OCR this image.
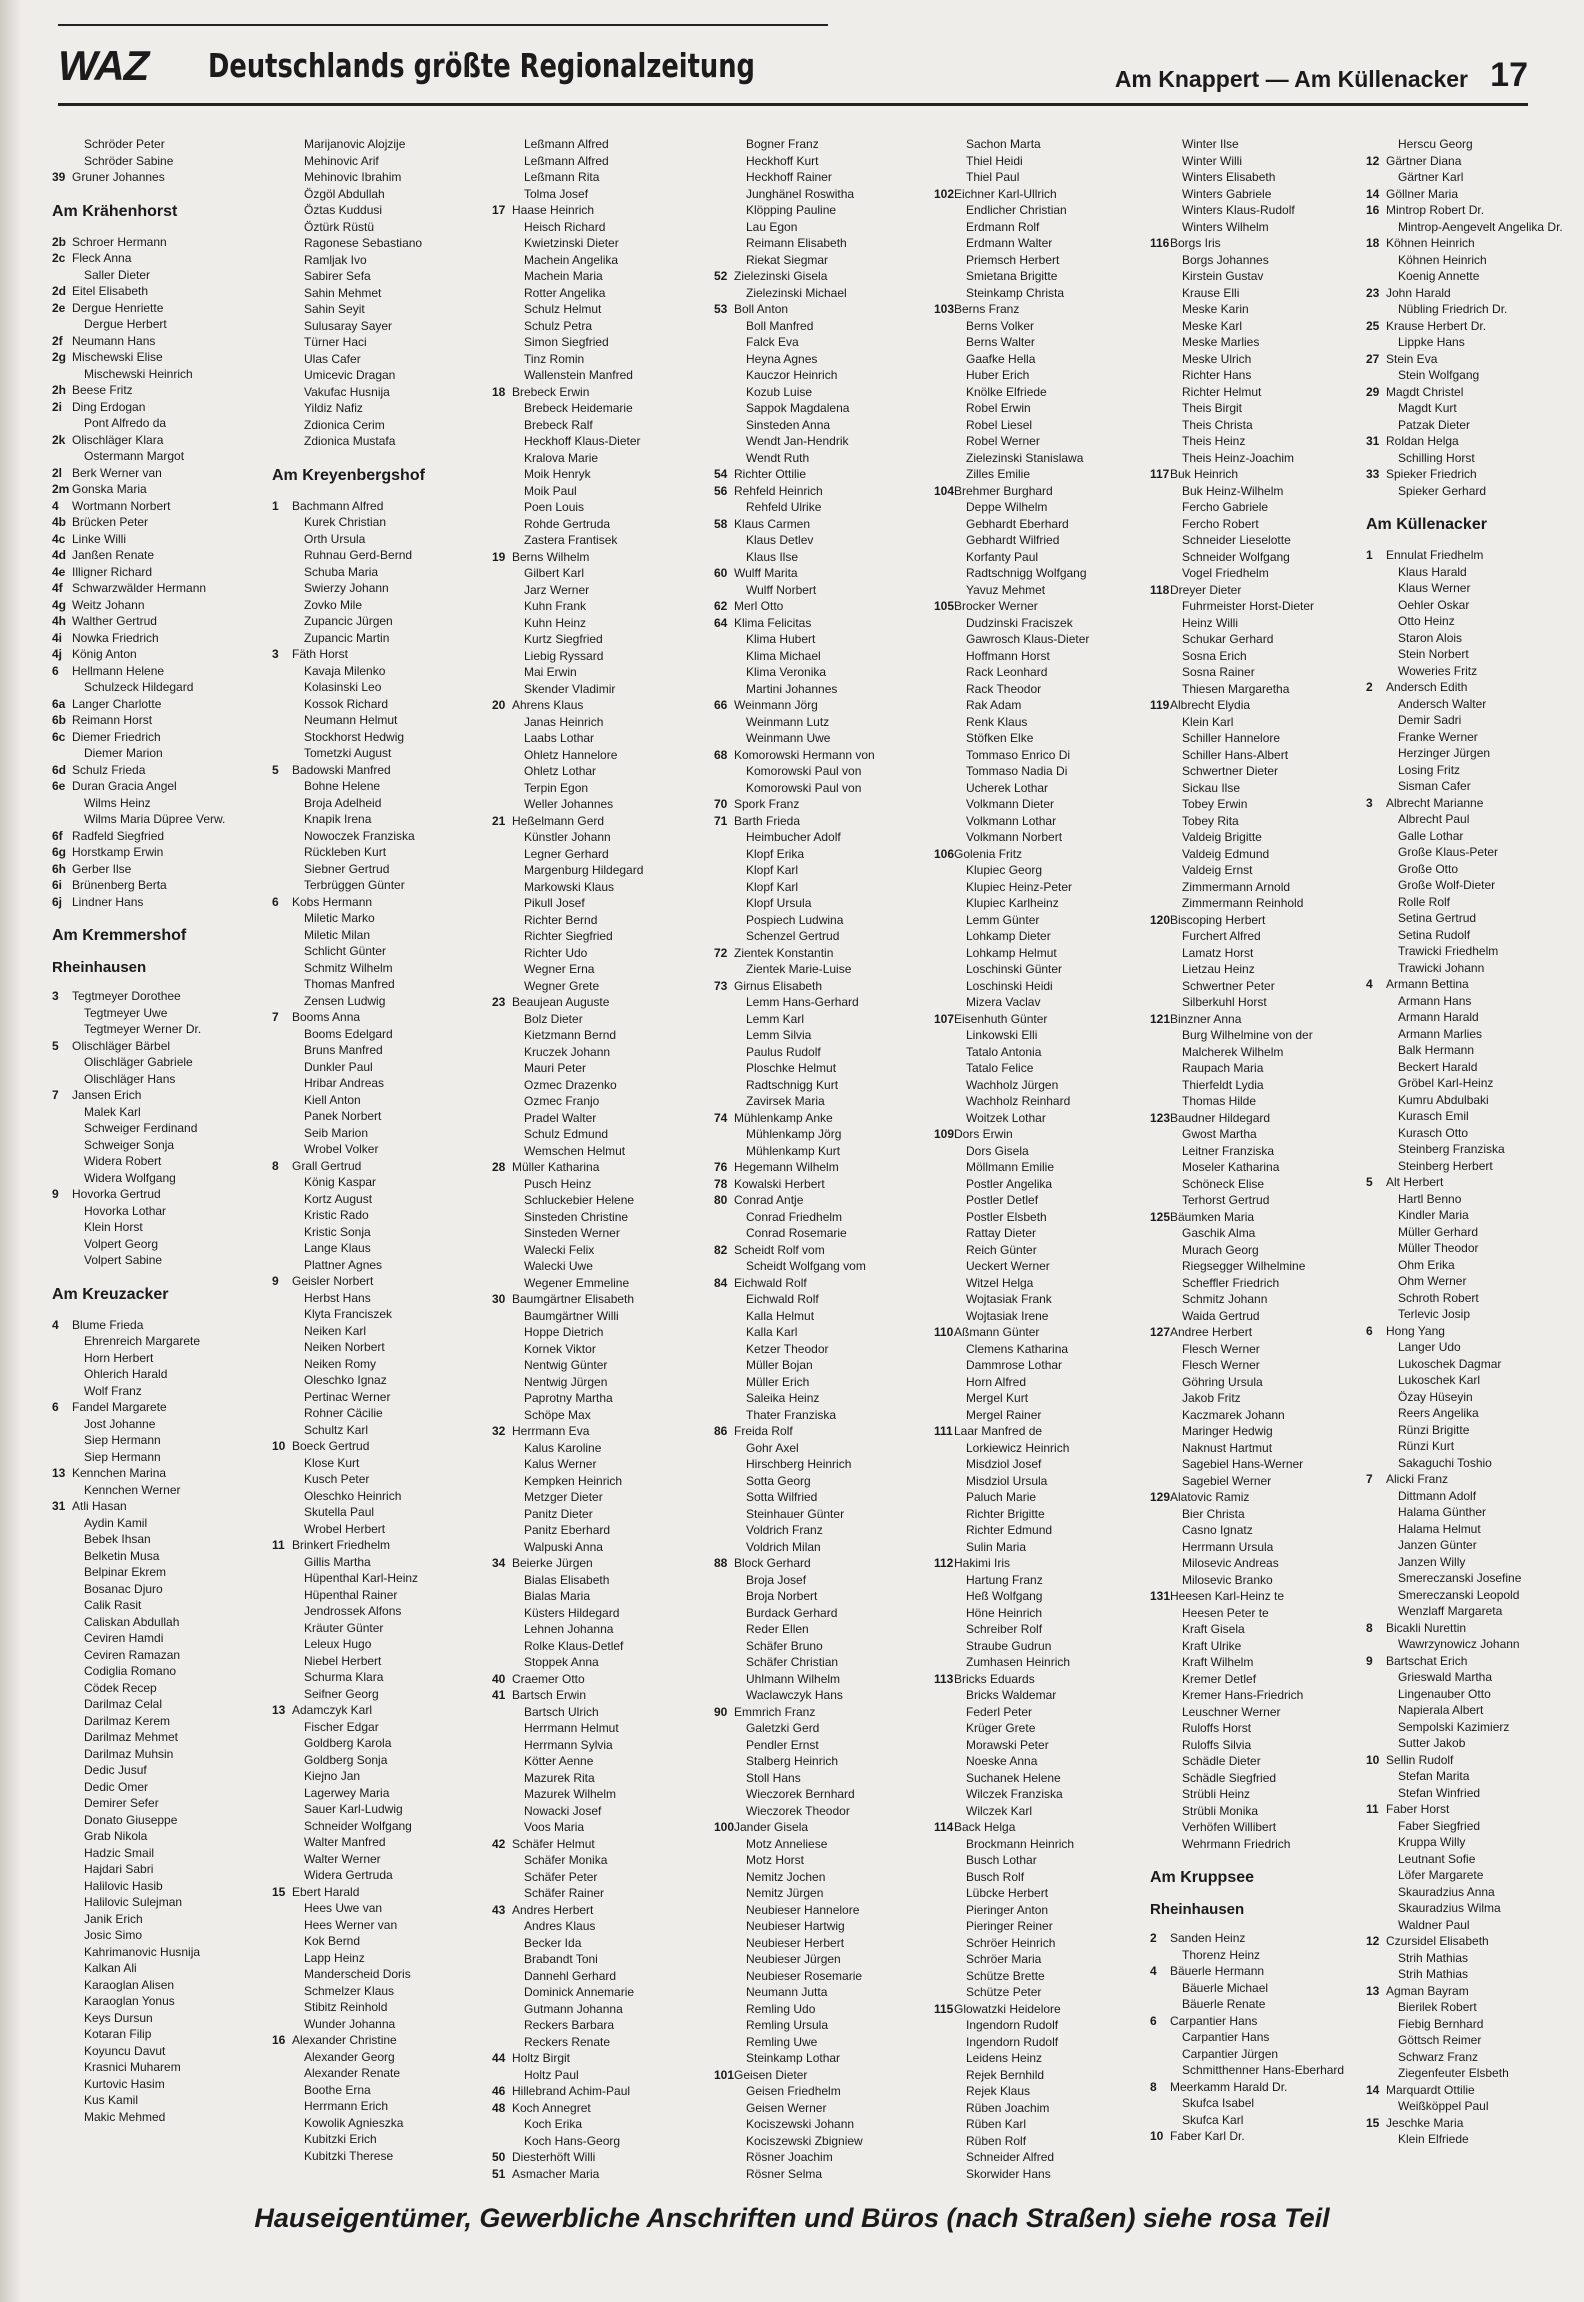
WAZ Deutschlands größte Regionalzeitung	Am Knappert — Am Küllenacker 17
Schröder Peter
Schröder Sabine
39 Gruner Johannes
Am Krähenhorst
2b Schroer Hermann
2c Fleck Anna
Saller Dieter
2d Eitel Elisabeth
2e Dergue Henriette
Dergue Herbert
2f Neumann Hans
2g Mischewski Elise
Mischewski Heinrich
2h Beese Fritz
2i Ding Erdogan
Pont Alfredo da
2k Olischläger Klara
Ostermann Margot
2l Berk Werner van
2m Gonska Maria
4 Wortmann Norbert
4b Brücken Peter
4c Linke Willi
4d Janßen Renate
4e Illigner Richard
4f Schwarzwälder Hermann
4g Weitz Johann
4h Walther Gertrud
4i Nowka Friedrich
4j König Anton
6 Hellmann Helene
Schulzeck Hildegard
6a Langer Charlotte
6b Reimann Horst
6c Diemer Friedrich
Diemer Marion
6d Schulz Frieda
6e Duran Gracia Angel
Wilms Heinz
Wilms Maria Düpree Verw.
6f Radfeld Siegfried
6g Horstkamp Erwin
6h Gerber Ilse
6i Brünenberg Berta
6j Lindner Hans
Am Kremmershof
Rheinhausen
3 Tegtmeyer Dorothee
Tegtmeyer Uwe
Tegtmeyer Werner Dr.
5 Olischläger Bärbel
Olischläger Gabriele
Olischläger Hans
7 Jansen Erich
Malek Karl
Schweiger Ferdinand
Schweiger Sonja
Widera Robert
Widera Wolfgang
9 Hovorka Gertrud
Hovorka Lothar
Klein Horst
Volpert Georg
Volpert Sabine
Am Kreuzacker
4 Blume Frieda
Ehrenreich Margarete
Horn Herbert
Ohlerich Harald
Wolf Franz
6 Fandel Margarete
Jost Johanne
Siep Hermann
Siep Hermann
13 Kennchen Marina
Kennchen Werner
31 Atli Hasan
Aydin Kamil
Bebek Ihsan
Belketin Musa
Belpinar Ekrem
Bosanac Djuro
Calik Rasit
Caliskan Abdullah
Ceviren Hamdi
Ceviren Ramazan
Codiglia Romano
Cödek Recep
Darilmaz Celal
Darilmaz Kerem
Darilmaz Mehmet
Darilmaz Muhsin
Dedic Jusuf
Dedic Omer
Demirer Sefer
Donato Giuseppe
Grab Nikola
Hadzic Smail
Hajdari Sabri
Halilovic Hasib
Halilovic Sulejman
Janik Erich
Josic Simo
Kahrimanovic Husnija
Kalkan Ali
Karaoglan Alisen
Karaoglan Yonus
Keys Dursun
Kotaran Filip
Koyuncu Davut
Krasnici Muharem
Kurtovic Hasim
Kus Kamil
Makic Mehmed
Marijanovic Alojzije
Mehinovic Arif
Mehinovic Ibrahim
Özgöl Abdullah
Öztas Kuddusi
Öztürk Rüstü
Ragonese Sebastiano
Ramljak Ivo
Sabirer Sefa
Sahin Mehmet
Sahin Seyit
Sulusaray Sayer
Türner Haci
Ulas Cafer
Umicevic Dragan
Vakufac Husnija
Yildiz Nafiz
Zdionica Cerim
Zdionica Mustafa
Am Kreyenbergshof
1 Bachmann Alfred
Kurek Christian
Orth Ursula
Ruhnau Gerd-Bernd
Schuba Maria
Swierzy Johann
Zovko Mile
Zupancic Jürgen
Zupancic Martin
3 Fäth Horst
Kavaja Milenko
Kolasinski Leo
Kossok Richard
Neumann Helmut
Stockhorst Hedwig
Tometzki August
5 Badowski Manfred
Bohne Helene
Broja Adelheid
Knapik Irena
Nowoczek Franziska
Rückleben Kurt
Siebner Gertrud
Terbrüggen Günter
6 Kobs Hermann
Miletic Marko
Miletic Milan
Schlicht Günter
Schmitz Wilhelm
Thomas Manfred
Zensen Ludwig
7 Booms Anna
Booms Edelgard
Bruns Manfred
Dunkler Paul
Hribar Andreas
Kiell Anton
Panek Norbert
Seib Marion
Wrobel Volker
8 Grall Gertrud
König Kaspar
Kortz August
Kristic Rado
Kristic Sonja
Lange Klaus
Plattner Agnes
9 Geisler Norbert
Herbst Hans
Klyta Franciszek
Neiken Karl
Neiken Norbert
Neiken Romy
Oleschko Ignaz
Pertinac Werner
Rohner Cäcilie
Schultz Karl
10 Boeck Gertrud
Klose Kurt
Kusch Peter
Oleschko Heinrich
Skutella Paul
Wrobel Herbert
11 Brinkert Friedhelm
Gillis Martha
Hüpenthal Karl-Heinz
Hüpenthal Rainer
Jendrossek Alfons
Kräuter Günter
Leleux Hugo
Niebel Herbert
Schurma Klara
Seifner Georg
13 Adamczyk Karl
Fischer Edgar
Goldberg Karola
Goldberg Sonja
Kiejno Jan
Lagerwey Maria
Sauer Karl-Ludwig
Schneider Wolfgang
Walter Manfred
Walter Werner
Widera Gertruda
15 Ebert Harald
Hees Uwe van
Hees Werner van
Kok Bernd
Lapp Heinz
Manderscheid Doris
Schmelzer Klaus
Stibitz Reinhold
Wunder Johanna
16 Alexander Christine
Alexander Georg
Alexander Renate
Boothe Erna
Herrmann Erich
Kowolik Agnieszka
Kubitzki Erich
Kubitzki Therese
Leßmann Alfred
Leßmann Alfred
Leßmann Rita
Tolma Josef
17 Haase Heinrich
Heisch Richard
Kwietzinski Dieter
Machein Angelika
Machein Maria
Rotter Angelika
Schulz Helmut
Schulz Petra
Simon Siegfried
Tinz Romin
Wallenstein Manfred
18 Brebeck Erwin
Brebeck Heidemarie
Brebeck Ralf
Heckhoff Klaus-Dieter
Kralova Marie
Moik Henryk
Moik Paul
Poen Louis
Rohde Gertruda
Zastera Frantisek
19 Berns Wilhelm
Gilbert Karl
Jarz Werner
Kuhn Frank
Kuhn Heinz
Kurtz Siegfried
Liebig Ryssard
Mai Erwin
Skender Vladimir
20 Ahrens Klaus
Janas Heinrich
Laabs Lothar
Ohletz Hannelore
Ohletz Lothar
Terpin Egon
Weller Johannes
21 Heßelmann Gerd
Künstler Johann
Legner Gerhard
Margenburg Hildegard
Markowski Klaus
Pikull Josef
Richter Bernd
Richter Siegfried
Richter Udo
Wegner Erna
Wegner Grete
23 Beaujean Auguste
Bolz Dieter
Kietzmann Bernd
Kruczek Johann
Mauri Peter
Ozmec Drazenko
Ozmec Franjo
Pradel Walter
Schulz Edmund
Wemschen Helmut
28 Müller Katharina
Pusch Heinz
Schluckebier Helene
Sinsteden Christine
Sinsteden Werner
Walecki Felix
Walecki Uwe
Wegener Emmeline
30 Baumgärtner Elisabeth
Baumgärtner Willi
Hoppe Dietrich
Kornek Viktor
Nentwig Günter
Nentwig Jürgen
Paprotny Martha
Schöpe Max
32 Herrmann Eva
Kalus Karoline
Kalus Werner
Kempken Heinrich
Metzger Dieter
Panitz Dieter
Panitz Eberhard
Walpuski Anna
34 Beierke Jürgen
Bialas Elisabeth
Bialas Maria
Küsters Hildegard
Lehnen Johanna
Rolke Klaus-Detlef
Stoppek Anna
40 Craemer Otto
41 Bartsch Erwin
Bartsch Ulrich
Herrmann Helmut
Herrmann Sylvia
Kötter Aenne
Mazurek Rita
Mazurek Wilhelm
Nowacki Josef
Voos Maria
42 Schäfer Helmut
Schäfer Monika
Schäfer Peter
Schäfer Rainer
43 Andres Herbert
Andres Klaus
Becker Ida
Brabandt Toni
Dannehl Gerhard
Dominick Annemarie
Gutmann Johanna
Reckers Barbara
Reckers Renate
44 Holtz Birgit
Holtz Paul
46 Hillebrand Achim-Paul
48 Koch Annegret
Koch Erika
Koch Hans-Georg
50 Diesterhöft Willi
51 Asmacher Maria
Bogner Franz
Heckhoff Kurt
Heckhoff Rainer
Junghänel Roswitha
Klöpping Pauline
Lau Egon
Reimann Elisabeth
Riekat Siegmar
52 Zielezinski Gisela
Zielezinski Michael
53 Boll Anton
Boll Manfred
Falck Eva
Heyna Agnes
Kauczor Heinrich
Kozub Luise
Sappok Magdalena
Sinsteden Anna
Wendt Jan-Hendrik
Wendt Ruth
54 Richter Ottilie
56 Rehfeld Heinrich
Rehfeld Ulrike
58 Klaus Carmen
Klaus Detlev
Klaus Ilse
60 Wulff Marita
Wulff Norbert
62 Merl Otto
64 Klima Felicitas
Klima Hubert
Klima Michael
Klima Veronika
Martini Johannes
66 Weinmann Jörg
Weinmann Lutz
Weinmann Uwe
68 Komorowski Hermann von
Komorowski Paul von
Komorowski Paul von
70 Spork Franz
71 Barth Frieda
Heimbucher Adolf
Klopf Erika
Klopf Karl
Klopf Karl
Klopf Ursula
Pospiech Ludwina
Schenzel Gertrud
72 Zientek Konstantin
Zientek Marie-Luise
73 Girnus Elisabeth
Lemm Hans-Gerhard
Lemm Karl
Lemm Silvia
Paulus Rudolf
Ploschke Helmut
Radtschnigg Kurt
Zavirsek Maria
74 Mühlenkamp Anke
Mühlenkamp Jörg
Mühlenkamp Kurt
76 Hegemann Wilhelm
78 Kowalski Herbert
80 Conrad Antje
Conrad Friedhelm
Conrad Rosemarie
82 Scheidt Rolf vom
Scheidt Wolfgang vom
84 Eichwald Rolf
Eichwald Rolf
Kalla Helmut
Kalla Karl
Ketzer Theodor
Müller Bojan
Müller Erich
Saleika Heinz
Thater Franziska
86 Freida Rolf
Gohr Axel
Hirschberg Heinrich
Sotta Georg
Sotta Wilfried
Steinhauer Günter
Voldrich Franz
Voldrich Milan
88 Block Gerhard
Broja Josef
Broja Norbert
Burdack Gerhard
Reder Ellen
Schäfer Bruno
Schäfer Christian
Uhlmann Wilhelm
Waclawczyk Hans
90 Emmrich Franz
Galetzki Gerd
Pendler Ernst
Stalberg Heinrich
Stoll Hans
Wieczorek Bernhard
Wieczorek Theodor
100 Jander Gisela
Motz Anneliese
Motz Horst
Nemitz Jochen
Nemitz Jürgen
Neubieser Hannelore
Neubieser Hartwig
Neubieser Herbert
Neubieser Jürgen
Neubieser Rosemarie
Neumann Jutta
Remling Udo
Remling Ursula
Remling Uwe
Steinkamp Lothar
101 Geisen Dieter
Geisen Friedhelm
Geisen Werner
Kociszewski Johann
Kociszewski Zbigniew
Rösner Joachim
Rösner Selma
Sachon Marta
Thiel Heidi
Thiel Paul
102 Eichner Karl-Ullrich
Endlicher Christian
Erdmann Rolf
Erdmann Walter
Priemsch Herbert
Smietana Brigitte
Steinkamp Christa
103 Berns Franz
Berns Volker
Berns Walter
Gaafke Hella
Huber Erich
Knölke Elfriede
Robel Erwin
Robel Liesel
Robel Werner
Zielezinski Stanislawa
Zilles Emilie
104 Brehmer Burghard
Deppe Wilhelm
Gebhardt Eberhard
Gebhardt Wilfried
Korfanty Paul
Radtschnigg Wolfgang
Yavuz Mehmet
105 Brocker Werner
Dudzinski Fraciszek
Gawrosch Klaus-Dieter
Hoffmann Horst
Rack Leonhard
Rack Theodor
Rak Adam
Renk Klaus
Stöfken Elke
Tommaso Enrico Di
Tommaso Nadia Di
Ucherek Lothar
Volkmann Dieter
Volkmann Lothar
Volkmann Norbert
106 Golenia Fritz
Klupiec Georg
Klupiec Heinz-Peter
Klupiec Karlheinz
Lemm Günter
Lohkamp Dieter
Lohkamp Helmut
Loschinski Günter
Loschinski Heidi
Mizera Vaclav
107 Eisenhuth Günter
Linkowski Elli
Tatalo Antonia
Tatalo Felice
Wachholz Jürgen
Wachholz Reinhard
Woitzek Lothar
109 Dors Erwin
Dors Gisela
Möllmann Emilie
Postler Angelika
Postler Detlef
Postler Elsbeth
Rattay Dieter
Reich Günter
Ueckert Werner
Witzel Helga
Wojtasiak Frank
Wojtasiak Irene
110 Aßmann Günter
Clemens Katharina
Dammrose Lothar
Horn Alfred
Mergel Kurt
Mergel Rainer
111 Laar Manfred de
Lorkiewicz Heinrich
Misdziol Josef
Misdziol Ursula
Paluch Marie
Richter Brigitte
Richter Edmund
Sulin Maria
112 Hakimi Iris
Hartung Franz
Heß Wolfgang
Höne Heinrich
Schreiber Rolf
Straube Gudrun
Zumhasen Heinrich
113 Bricks Eduards
Bricks Waldemar
Federl Peter
Krüger Grete
Morawski Peter
Noeske Anna
Suchanek Helene
Wilczek Franziska
Wilczek Karl
114 Back Helga
Brockmann Heinrich
Busch Lothar
Busch Rolf
Lübcke Herbert
Pieringer Anton
Pieringer Reiner
Schröer Heinrich
Schröer Maria
Schütze Brette
Schütze Peter
115 Glowatzki Heidelore
Ingendorn Rudolf
Ingendorn Rudolf
Leidens Heinz
Rejek Bernhild
Rejek Klaus
Rüben Joachim
Rüben Karl
Rüben Rolf
Schneider Alfred
Skorwider Hans
Winter Ilse
Winter Willi
Winters Elisabeth
Winters Gabriele
Winters Klaus-Rudolf
Winters Wilhelm
116 Borgs Iris
Borgs Johannes
Kirstein Gustav
Krause Elli
Meske Karin
Meske Karl
Meske Marlies
Meske Ulrich
Richter Hans
Richter Helmut
Theis Birgit
Theis Christa
Theis Heinz
Theis Heinz-Joachim
117 Buk Heinrich
Buk Heinz-Wilhelm
Fercho Gabriele
Fercho Robert
Schneider Lieselotte
Schneider Wolfgang
Vogel Friedhelm
118 Dreyer Dieter
Fuhrmeister Horst-Dieter
Heinz Willi
Schukar Gerhard
Sosna Erich
Sosna Rainer
Thiesen Margaretha
119 Albrecht Elydia
Klein Karl
Schiller Hannelore
Schiller Hans-Albert
Schwertner Dieter
Sickau Ilse
Tobey Erwin
Tobey Rita
Valdeig Brigitte
Valdeig Edmund
Valdeig Ernst
Zimmermann Arnold
Zimmermann Reinhold
120 Biscoping Herbert
Furchert Alfred
Lamatz Horst
Lietzau Heinz
Schwertner Peter
Silberkuhl Horst
121 Binzner Anna
Burg Wilhelmine von der
Malcherek Wilhelm
Raupach Maria
Thierfeldt Lydia
Thomas Hilde
123 Baudner Hildegard
Gwost Martha
Leitner Franziska
Moseler Katharina
Schöneck Elise
Terhorst Gertrud
125 Bäumken Maria
Gaschik Alma
Murach Georg
Riegsegger Wilhelmine
Scheffler Friedrich
Schmitz Johann
Waida Gertrud
127 Andree Herbert
Flesch Werner
Flesch Werner
Göhring Ursula
Jakob Fritz
Kaczmarek Johann
Maringer Hedwig
Naknust Hartmut
Sagebiel Hans-Werner
Sagebiel Werner
129 Alatovic Ramiz
Bier Christa
Casno Ignatz
Herrmann Ursula
Milosevic Andreas
Milosevic Branko
131 Heesen Karl-Heinz te
Heesen Peter te
Kraft Gisela
Kraft Ulrike
Kraft Wilhelm
Kremer Detlef
Kremer Hans-Friedrich
Leuschner Werner
Ruloffs Horst
Ruloffs Silvia
Schädle Dieter
Schädle Siegfried
Strübli Heinz
Strübli Monika
Verhöfen Willibert
Wehrmann Friedrich
Am Kruppsee
Rheinhausen
2 Sanden Heinz
Thorenz Heinz
4 Bäuerle Hermann
Bäuerle Michael
Bäuerle Renate
6 Carpantier Hans
Carpantier Hans
Carpantier Jürgen
Schmitthenner Hans-Eberhard
8 Meerkamm Harald Dr.
Skufca Isabel
Skufca Karl
10 Faber Karl Dr.
Herscu Georg
12 Gärtner Diana
Gärtner Karl
14 Göllner Maria
16 Mintrop Robert Dr.
Mintrop-Aengevelt Angelika Dr.
18 Köhnen Heinrich
Köhnen Heinrich
Koenig Annette
23 John Harald
Nübling Friedrich Dr.
25 Krause Herbert Dr.
Lippke Hans
27 Stein Eva
Stein Wolfgang
29 Magdt Christel
Magdt Kurt
Patzak Dieter
31 Roldan Helga
Schilling Horst
33 Spieker Friedrich
Spieker Gerhard
Am Küllenacker
1 Ennulat Friedhelm
Klaus Harald
Klaus Werner
Oehler Oskar
Otto Heinz
Staron Alois
Stein Norbert
Woweries Fritz
2 Andersch Edith
Andersch Walter
Demir Sadri
Franke Werner
Herzinger Jürgen
Losing Fritz
Sisman Cafer
3 Albrecht Marianne
Albrecht Paul
Galle Lothar
Große Klaus-Peter
Große Otto
Große Wolf-Dieter
Rolle Rolf
Setina Gertrud
Setina Rudolf
Trawicki Friedhelm
Trawicki Johann
4 Armann Bettina
Armann Hans
Armann Harald
Armann Marlies
Balk Hermann
Beckert Harald
Gröbel Karl-Heinz
Kumru Abdulbaki
Kurasch Emil
Kurasch Otto
Steinberg Franziska
Steinberg Herbert
5 Alt Herbert
Hartl Benno
Kindler Maria
Müller Gerhard
Müller Theodor
Ohm Erika
Ohm Werner
Schroth Robert
Terlevic Josip
6 Hong Yang
Langer Udo
Lukoschek Dagmar
Lukoschek Karl
Özay Hüseyin
Reers Angelika
Rünzi Brigitte
Rünzi Kurt
Sakaguchi Toshio
7 Alicki Franz
Dittmann Adolf
Halama Günther
Halama Helmut
Janzen Günter
Janzen Willy
Smereczanski Josefine
Smereczanski Leopold
Wenzlaff Margareta
8 Bicakli Nurettin
Wawrzynowicz Johann
9 Bartschat Erich
Grieswald Martha
Lingenauber Otto
Napierala Albert
Sempolski Kazimierz
Sutter Jakob
10 Sellin Rudolf
Stefan Marita
Stefan Winfried
11 Faber Horst
Faber Siegfried
Kruppa Willy
Leutnant Sofie
Löfer Margarete
Skauradzius Anna
Skauradzius Wilma
Waldner Paul
12 Czursidel Elisabeth
Strih Mathias
Strih Mathias
13 Agman Bayram
Bierilek Robert
Fiebig Bernhard
Göttsch Reimer
Schwarz Franz
Ziegenfeuter Elsbeth
14 Marquardt Ottilie
Weißköppel Paul
15 Jeschke Maria
Klein Elfriede
Hauseigentümer, Gewerbliche Anschriften und Büros (nach Straßen) siehe rosa Teil
